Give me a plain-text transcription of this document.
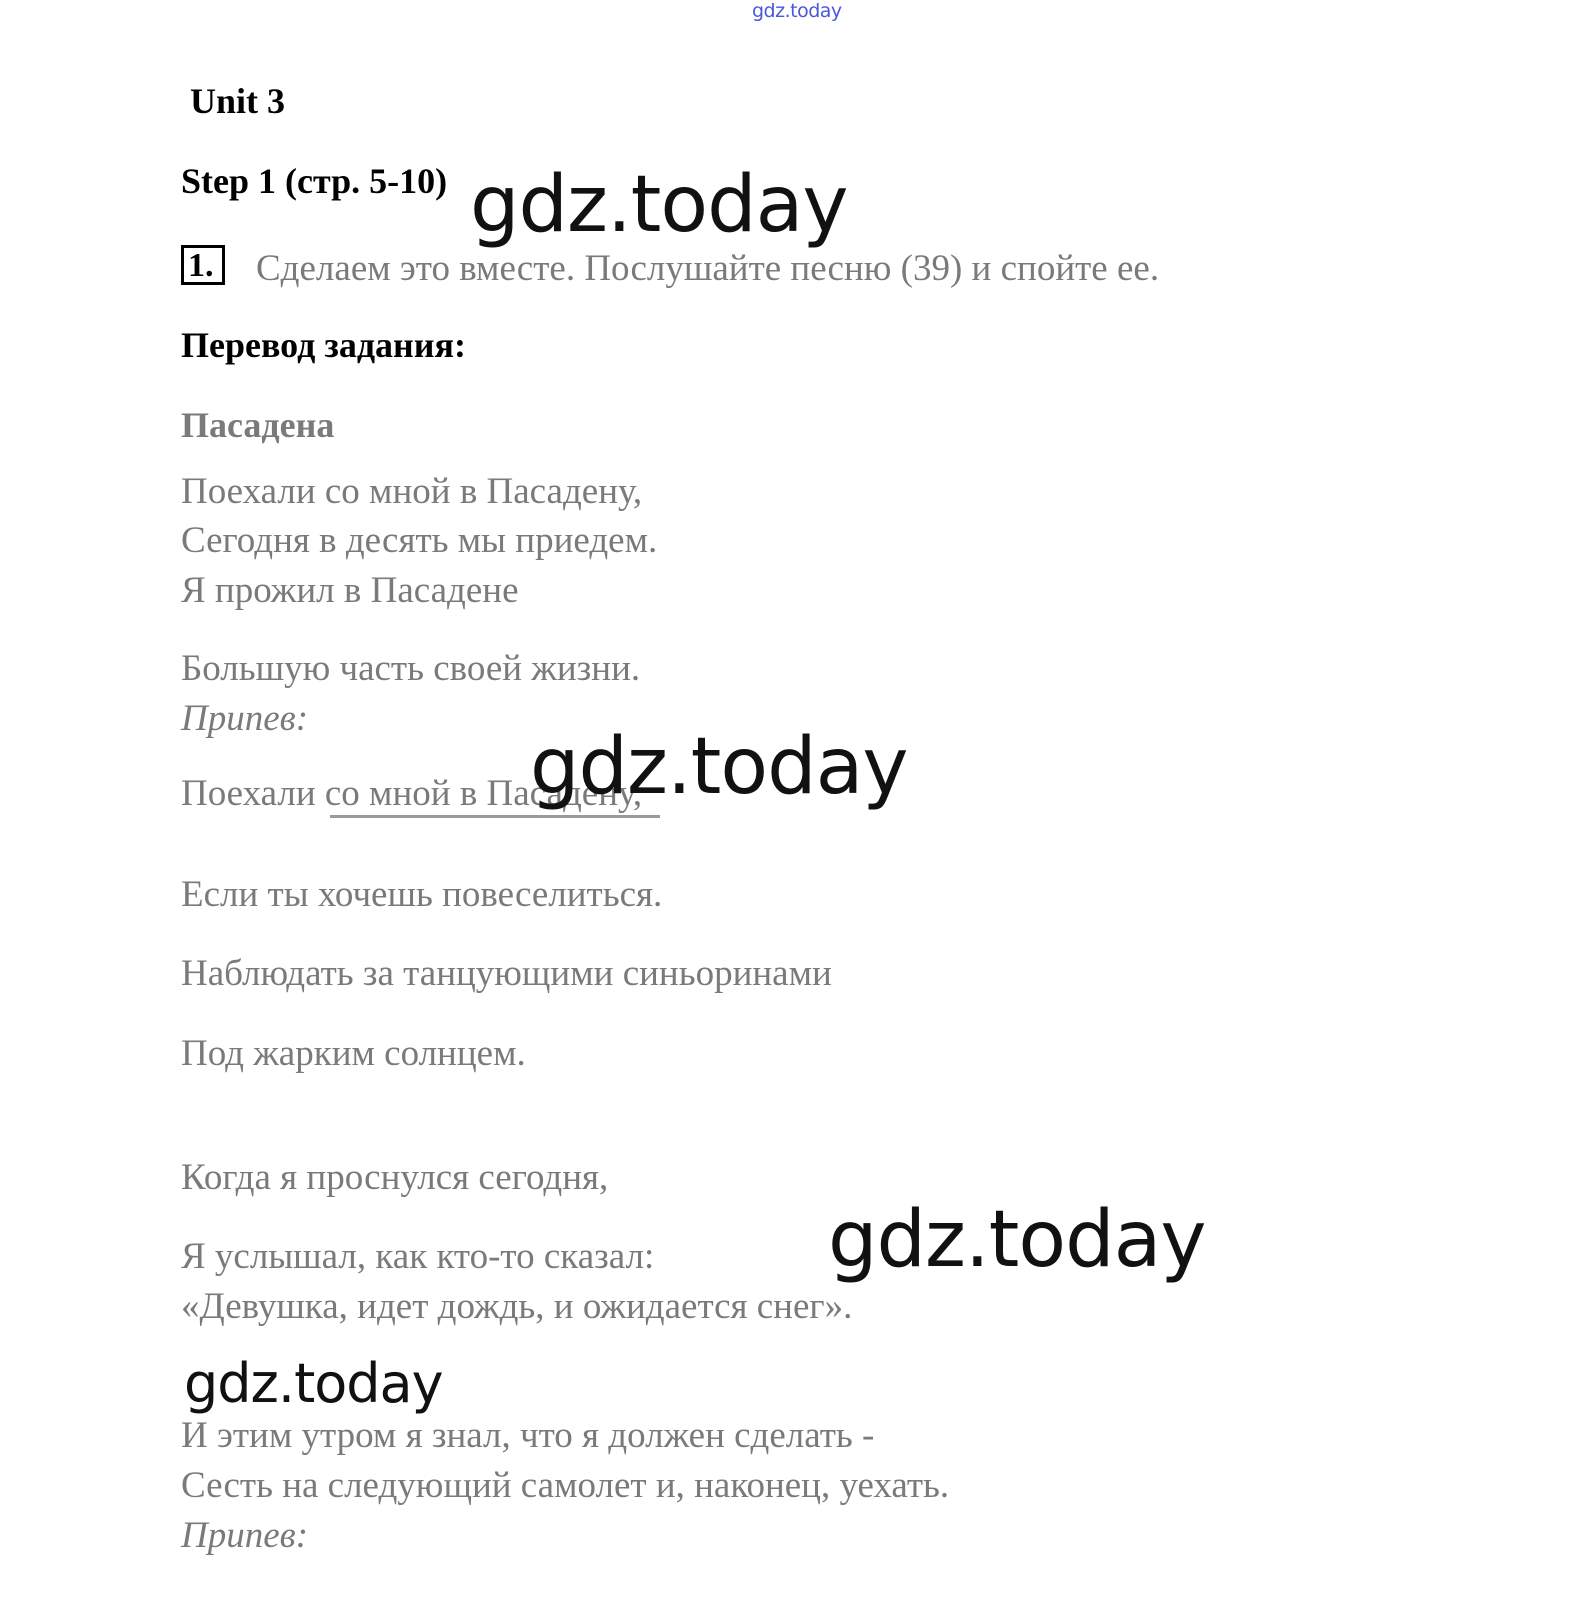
gdz.today
Unit 3
Step 1 (стр. 5-10)
1.	Сделаем это вместе. Послушайте песню (39) и спойте ее.
Перевод задания:
Пасадена
Поехали со мной в Пасадену,
Сегодня в десять мы приедем.
Я прожил в Пасадене
Большую часть своей жизни.
Припев:
Поехали со мной в Пасадену,
Если ты хочешь повеселиться.
Наблюдать за танцующими синьоринами
Под жарким солнцем.
Когда я проснулся сегодня,
Я услышал, как кто-то сказал:
«Девушка, идет дождь, и ожидается снег».
И этим утром я знал, что я должен сделать -
Сесть на следующий самолет и, наконец, уехать.
Припев:
gdz.today
gdz.today
gdz.today
gdz.today
